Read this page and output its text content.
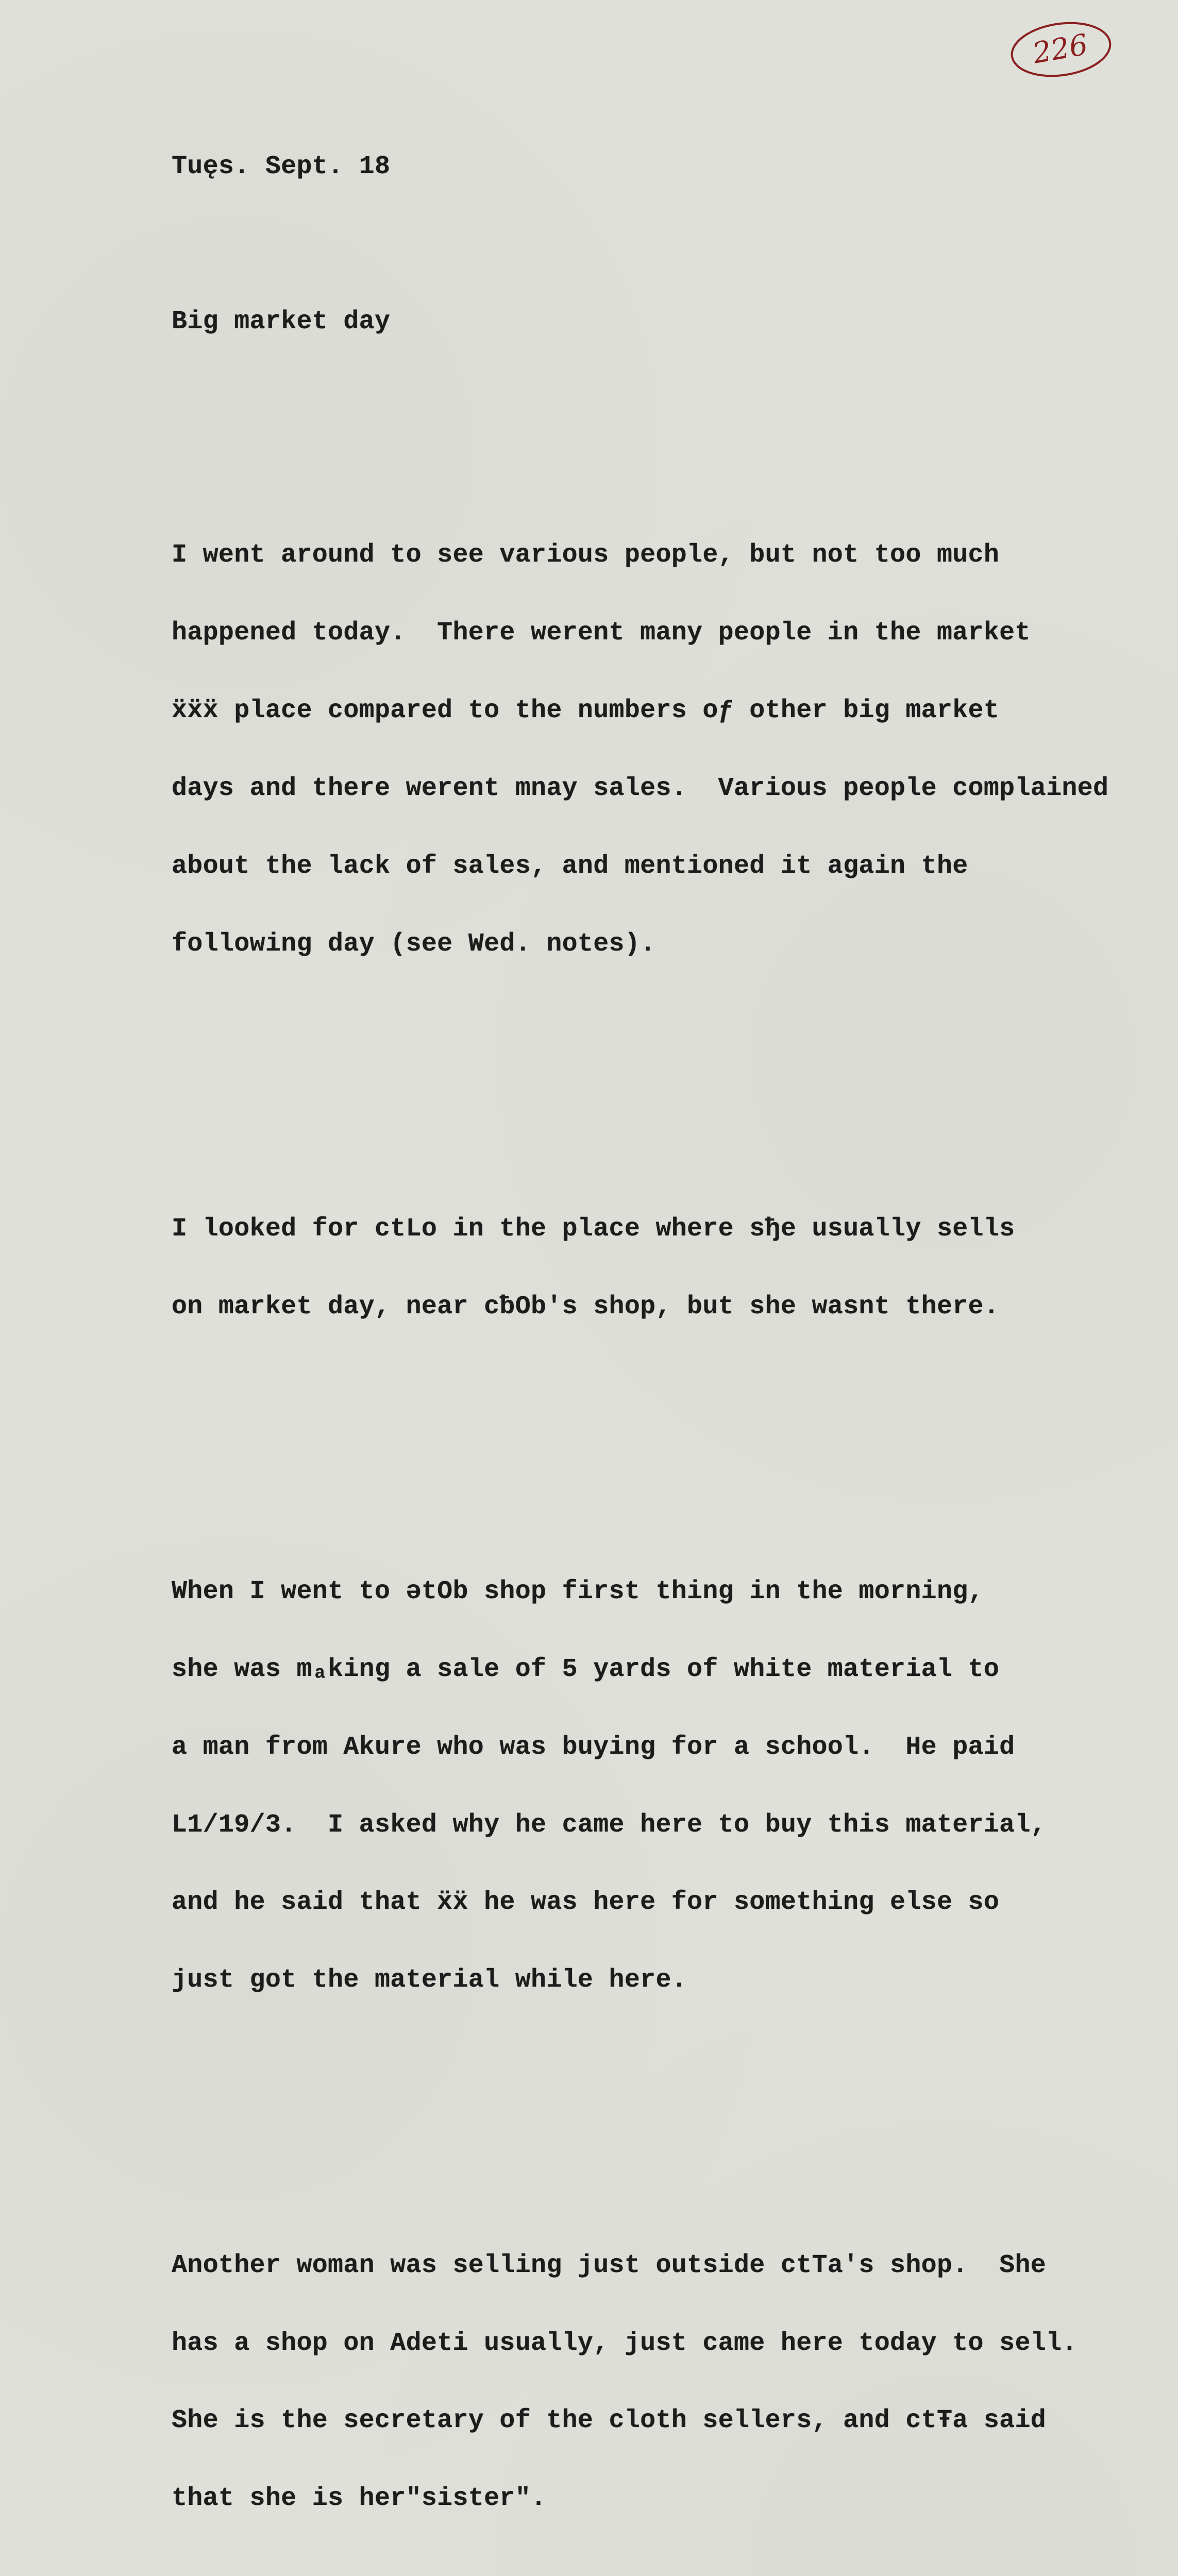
226

Tuęs. Sept. 18

Big market day

I went around to see various people, but not too much

happened today.  There werent many people in the market

ẍẍẍ place compared to the numbers oƒ other big market

days and there werent mnay sales.  Various people complained

about the lack of sales, and mentioned it again the

following day (see Wed. notes).

I looked for ctLo in the place where sђe usually sells

on market day, near cƀOb's shop, but she wasnt there.

When I went to ətOb shop first thing in the morning,

she was mₐking a sale of 5 yards of white material to

a man from Akure who was buying for a school.  He paid

L1/19/3.  I asked why he came here to buy this material,

and he said that ẍẍ he was here for something else so

just got the material while here.

Another woman was selling just outside ctTa's shop.  She

has a shop on Adeti usually, just came here today to sell.

She is the secretary of the cloth sellers, and ctŦa said

that she is her"sister".
